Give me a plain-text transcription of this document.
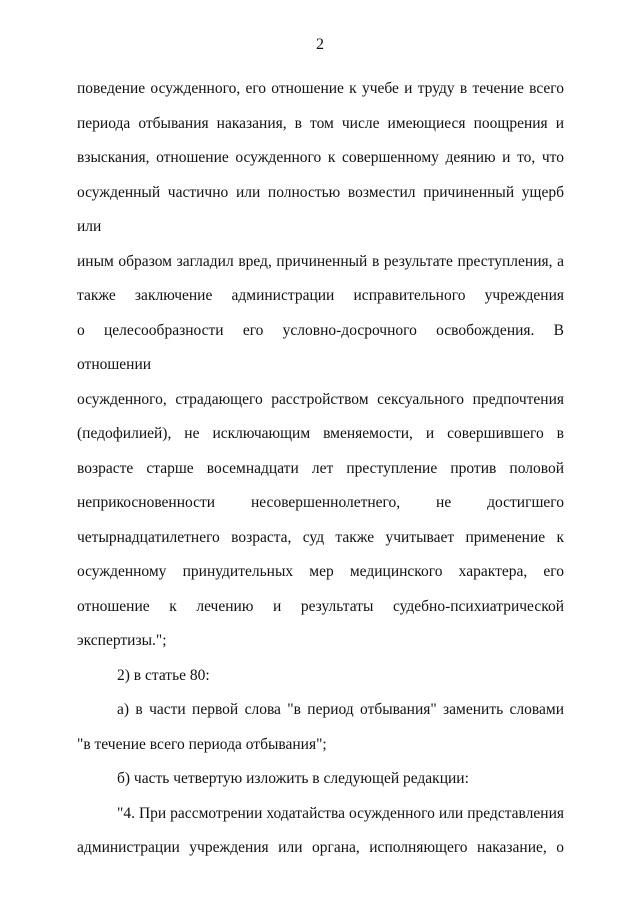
2

поведение осужденного, его отношение к учебе и труду в течение всего
периода отбывания наказания, в том числе имеющиеся поощрения и
взыскания, отношение осужденного к совершенному деянию и то, что
осужденный частично или полностью возместил причиненный ущерб или
иным образом загладил вред, причиненный в результате преступления, а
также заключение администрации исправительного учреждения
о целесообразности его условно-досрочного освобождения. В отношении
осужденного, страдающего расстройством сексуального предпочтения
(педофилией), не исключающим вменяемости, и совершившего в
возрасте старше восемнадцати лет преступление против половой
неприкосновенности несовершеннолетнего, не достигшего
четырнадцатилетнего возраста, суд также учитывает применение к
осужденному принудительных мер медицинского характера, его
отношение к лечению и результаты судебно-психиатрической
экспертизы.";

2) в статье 80:

а) в части первой слова "в период отбывания" заменить словами
"в течение всего периода отбывания";

б) часть четвертую изложить в следующей редакции:

"4. При рассмотрении ходатайства осужденного или представления
администрации учреждения или органа, исполняющего наказание, о
